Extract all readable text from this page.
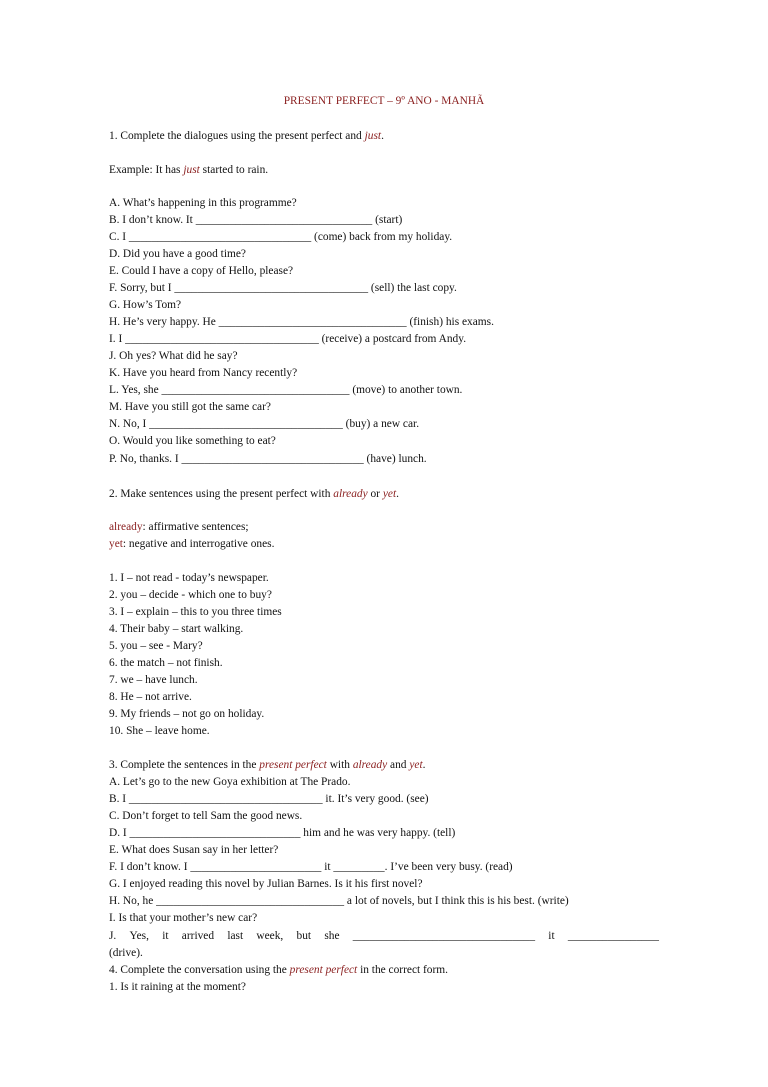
PRESENT PERFECT – 9º ANO - MANHÃ
1. Complete the dialogues using the present perfect and just.
Example: It has just started to rain.
A. What’s happening in this programme?
B. I don’t know. It _______________________________ (start)
C. I ________________________________ (come) back from my holiday.
D. Did you have a good time?
E. Could I have a copy of Hello, please?
F. Sorry, but I __________________________________ (sell) the last copy.
G. How’s Tom?
H. He’s very happy. He _________________________________ (finish) his exams.
I. I __________________________________ (receive) a postcard from Andy.
J. Oh yes? What did he say?
K. Have you heard from Nancy recently?
L. Yes, she _________________________________ (move) to another town.
M. Have you still got the same car?
N. No, I __________________________________ (buy) a new car.
O. Would you like something to eat?
P. No, thanks. I ________________________________ (have) lunch.
2. Make sentences using the present perfect with already or yet.
already: affirmative sentences;
yet: negative and interrogative ones.
1. I – not read - today’s newspaper.
2. you – decide - which one to buy?
3. I – explain – this to you three times
4. Their baby – start walking.
5. you – see - Mary?
6. the match – not finish.
7. we – have lunch.
8. He – not arrive.
9. My friends – not go on holiday.
10. She – leave home.
3. Complete the sentences in the present perfect with already and yet.
A. Let’s go to the new Goya exhibition at The Prado.
B. I __________________________________ it. It’s very good. (see)
C. Don’t forget to tell Sam the good news.
D. I ______________________________ him and he was very happy. (tell)
E. What does Susan say in her letter?
F. I don’t know. I _______________________ it _________. I’ve been very busy. (read)
G. I enjoyed reading this novel by Julian Barnes. Is it his first novel?
H. No, he _________________________________ a lot of novels, but I think this is his best. (write)
I. Is that your mother’s new car?
J. Yes, it arrived last week, but she ________________________________ it ________________
(drive).
4. Complete the conversation using the present perfect in the correct form.
1. Is it raining at the moment?
